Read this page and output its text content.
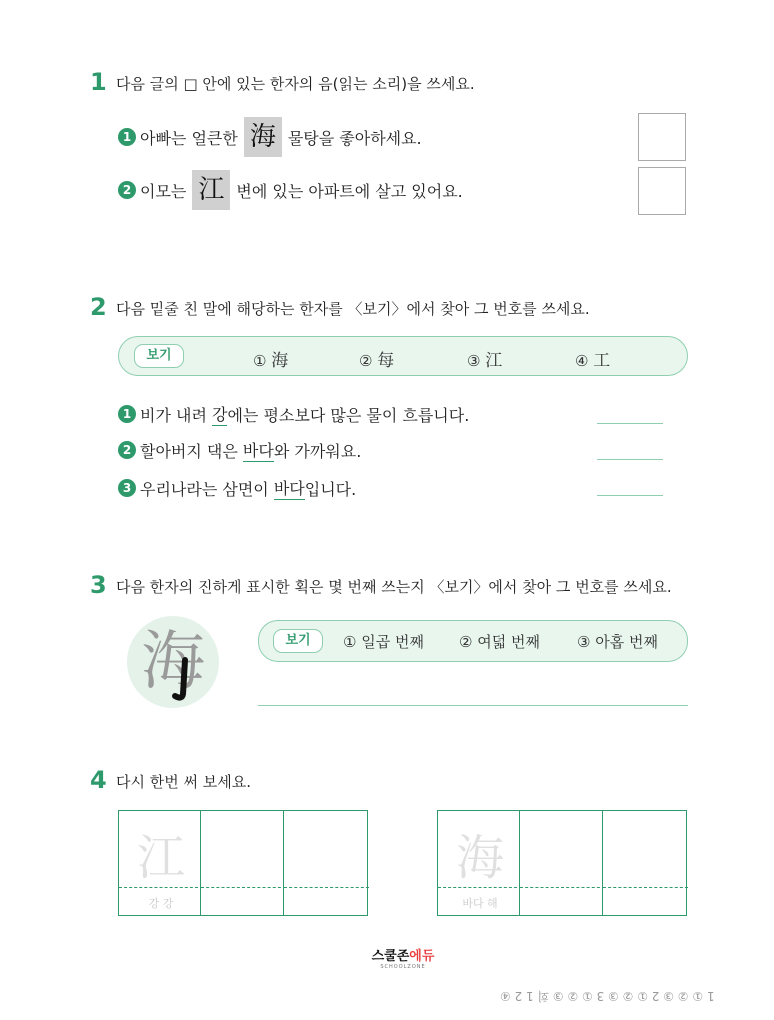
1 다음 글의 □ 안에 있는 한자의 음(읽는 소리)을 쓰세요.
1 아빠는 얼큰한 海 물탕을 좋아하세요.
2 이모는 江 변에 있는 아파트에 살고 있어요.
2 다음 밑줄 친 말에 해당하는 한자를 〈보기〉에서 찾아 그 번호를 쓰세요.
보기	① 海	② 每	③ 江	④ 工
1 비가 내려 강 에는 평소보다 많은 물이 흐릅니다.
2 할아버지 댁은 바다 와 가까워요.
3 우리나라는 삼면이 바다 입니다.
3 다음 한자의 진하게 표시한 획은 몇 번째 쓰는지 〈보기〉에서 찾아 그 번호를 쓰세요.
海	보기	① 일곱 번째 ② 여덟 번째 ③ 아홉 번째
4 다시 한번 써 보세요.
江
강 강
海
바다 해
스쿨존에듀
SCHOOLZONE
1 ① ② ③ 2 ① ② ③ 3 ① ② ③ 회 1 2 ④
